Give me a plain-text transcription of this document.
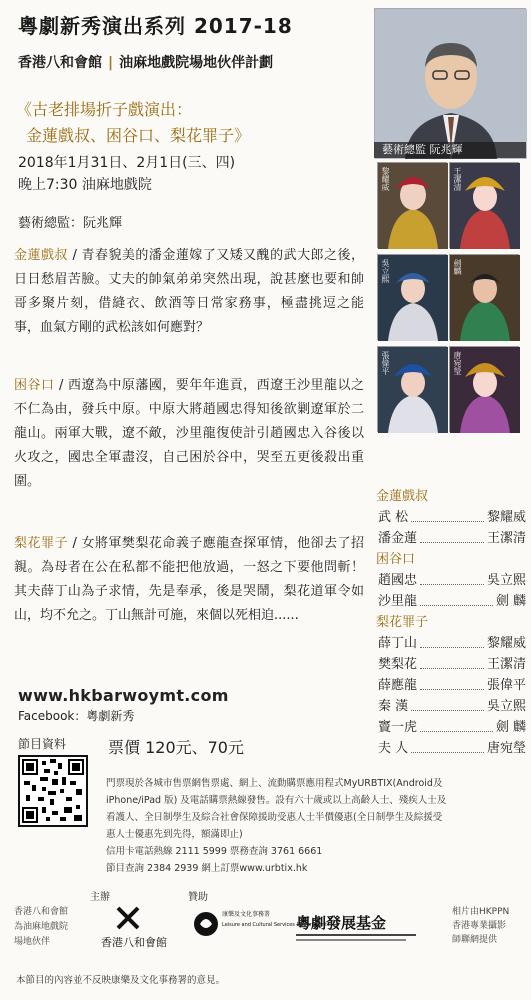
粵劇新秀演出系列 2017-18
香港八和會館 | 油麻地戲院場地伙伴計劃
《古老排場折子戲演出：
金蓮戲叔、困谷口、梨花罪子》
2018年1月31日、2月1日(三、四)
晚上7:30 油麻地戲院
藝術總監：阮兆輝
金蓮戲叔 / 青春貌美的潘金蓮嫁了又矮又醜的武大郎之後，日日愁眉苦臉。丈夫的帥氣弟弟突然出現，說甚麼也要和帥哥多聚片刻，借縫衣、飲酒等日常家務事，極盡挑逗之能事，血氣方剛的武松該如何應對？
困谷口 / 西遼為中原藩國，要年年進貢，西遼王沙里龍以之不仁為由，發兵中原。中原大將趙國忠得知後欲剿遼軍於二龍山。兩軍大戰，遼不敵，沙里龍復使計引趙國忠入谷後以火攻之，國忠全軍盡沒，自己困於谷中，哭至五更後殺出重圍。
梨花罪子 / 女將軍樊梨花命義子應龍查探軍情，他卻去了招親。為母者在公在私都不能把他放過，一怒之下要他問斬！其夫薛丁山為子求情，先是奉承，後是哭鬧，梨花道軍令如山，均不允之。丁山無計可施，來個以死相迫......
www.hkbarwoymt.com
Facebook：粵劇新秀
節目資料	票價 120元、70元
門票現於各城市售票網售票處、網上、流動購票應用程式MyURBTIX(Android及
iPhone/iPad 版) 及電話購票熱線發售。設有六十歲或以上高齡人士、殘疾人士及
看護人、全日制學生及綜合社會保障援助受惠人士半價優惠(全日制學生及綜援受
惠人士優惠先到先得，額滿即止)
信用卡電話熱線 2111 5999 票務查詢 3761 6661
節目查詢 2384 2939 網上訂票www.urbtix.hk
香港八和會館
為油麻地戲院
場地伙伴
主辦	贊助
香港八和會館
康樂及文化事務署
Leisure and Cultural Services Department
粵劇發展基金
相片由HKPPN
香港專業攝影
師聯網提供
本節目的內容並不反映康樂及文化事務署的意見。
藝術總監 阮兆輝
黎耀威	王潔清
吳立熙	劍麟
張偉平	唐宛瑩
金蓮戲叔
武 松	黎耀威
潘金蓮	王潔清
困谷口
趙國忠	吳立熙
沙里龍	劍 麟
梨花罪子
薛丁山	黎耀威
樊梨花	王潔清
薛應龍	張偉平
秦 漢	吳立熙
竇一虎	劍 麟
夫 人	唐宛瑩
